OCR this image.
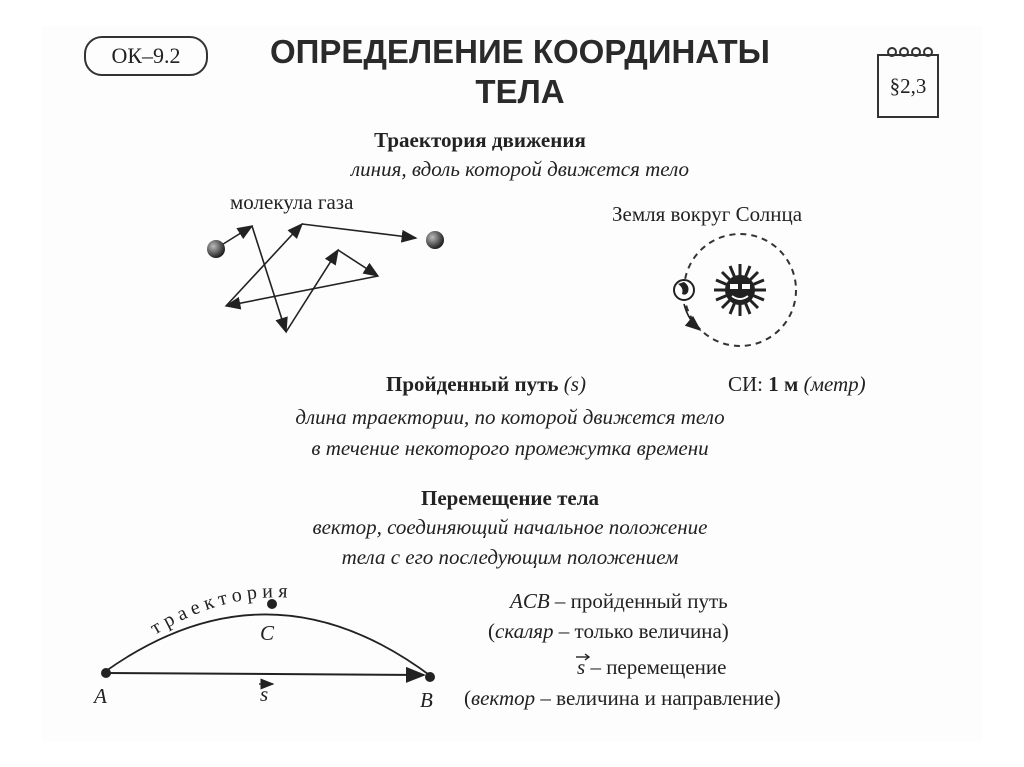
ОК–9.2	ОПРЕДЕЛЕНИЕ КООРДИНАТЫ
ТЕЛА	§2,3
Траектория движения
линия, вдоль которой движется тело
молекула газа	Земля вокруг Солнца
Пройденный путь (s)	СИ: 1 м (метр)
длина траектории, по которой движется тело
в течение некоторого промежутка времени
Перемещение тела
вектор, соединяющий начальное положение
тела с его последующим положением
траектория
C
A	B
s
ACB – пройденный путь
(скаляр – только величина)
s – перемещение
(вектор – величина и направление)
